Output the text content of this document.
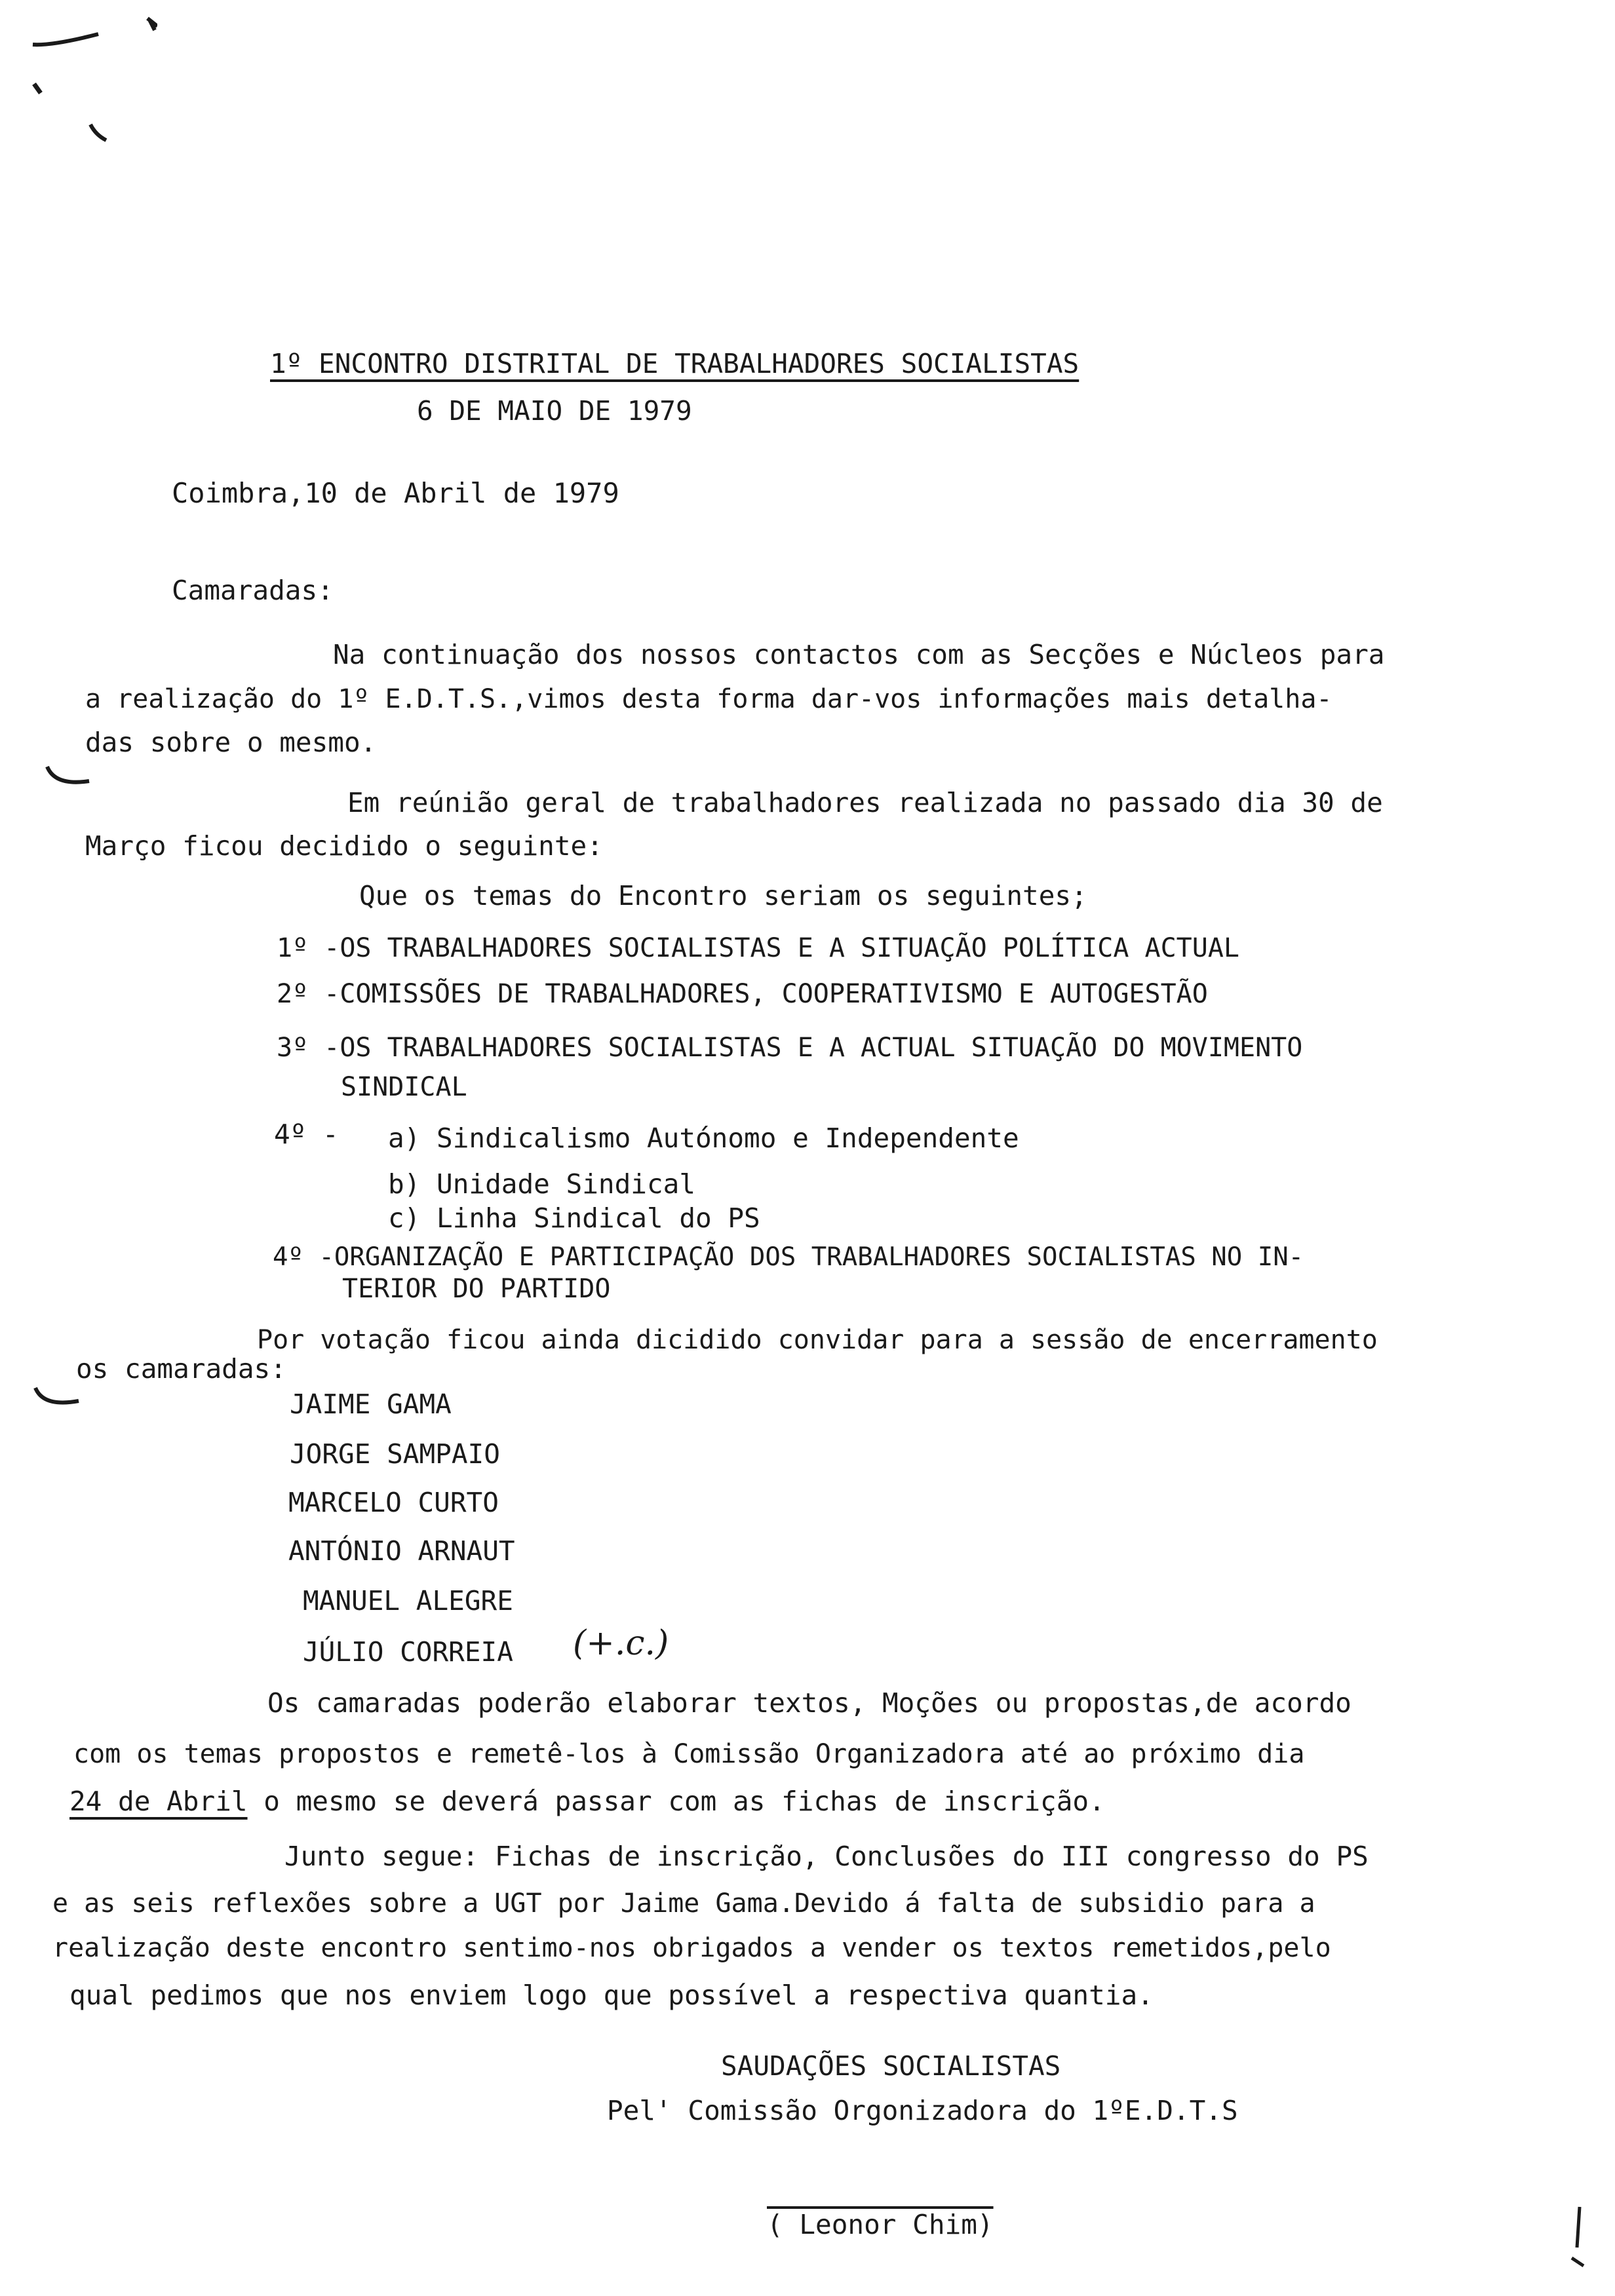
1º ENCONTRO DISTRITAL DE TRABALHADORES SOCIALISTAS
6 DE MAIO DE 1979
Coimbra,10 de Abril de 1979
Camaradas:
Na continuação dos nossos contactos com as Secções e Núcleos para
a realização do 1º E.D.T.S.,vimos desta forma dar-vos informações mais detalha-
das sobre o mesmo.
Em reúnião geral de trabalhadores realizada no passado dia 30 de
Março ficou decidido o seguinte:
Que os temas do Encontro seriam os seguintes;
1º -OS TRABALHADORES SOCIALISTAS E A SITUAÇÃO POLÍTICA ACTUAL
2º -COMISSÕES DE TRABALHADORES, COOPERATIVISMO E AUTOGESTÃO
3º -OS TRABALHADORES SOCIALISTAS E A ACTUAL SITUAÇÃO DO MOVIMENTO
SINDICAL
4º - a) Sindicalismo Autónomo e Independente
b) Unidade Sindical
c) Linha Sindical do PS
4º -ORGANIZAÇÃO E PARTICIPAÇÃO DOS TRABALHADORES SOCIALISTAS NO IN-
TERIOR DO PARTIDO
Por votação ficou ainda dicidido convidar para a sessão de encerramento
os camaradas:
JAIME GAMA
JORGE SAMPAIO
MARCELO CURTO
ANTÓNIO ARNAUT
MANUEL ALEGRE
JÚLIO CORREIA (+.c.)
Os camaradas poderão elaborar textos, Moções ou propostas,de acordo
com os temas propostos e remetê-los à Comissão Organizadora até ao próximo dia
24 de Abril o mesmo se deverá passar com as fichas de inscrição.
Junto segue: Fichas de inscrição, Conclusões do III congresso do PS
e as seis reflexões sobre a UGT por Jaime Gama.Devido á falta de subsidio para a
realização deste encontro sentimo-nos obrigados a vender os textos remetidos,pelo
qual pedimos que nos enviem logo que possível a respectiva quantia.
SAUDAÇÕES SOCIALISTAS
Pel' Comissão Orgonizadora do 1ºE.D.T.S
( Leonor Chim)
